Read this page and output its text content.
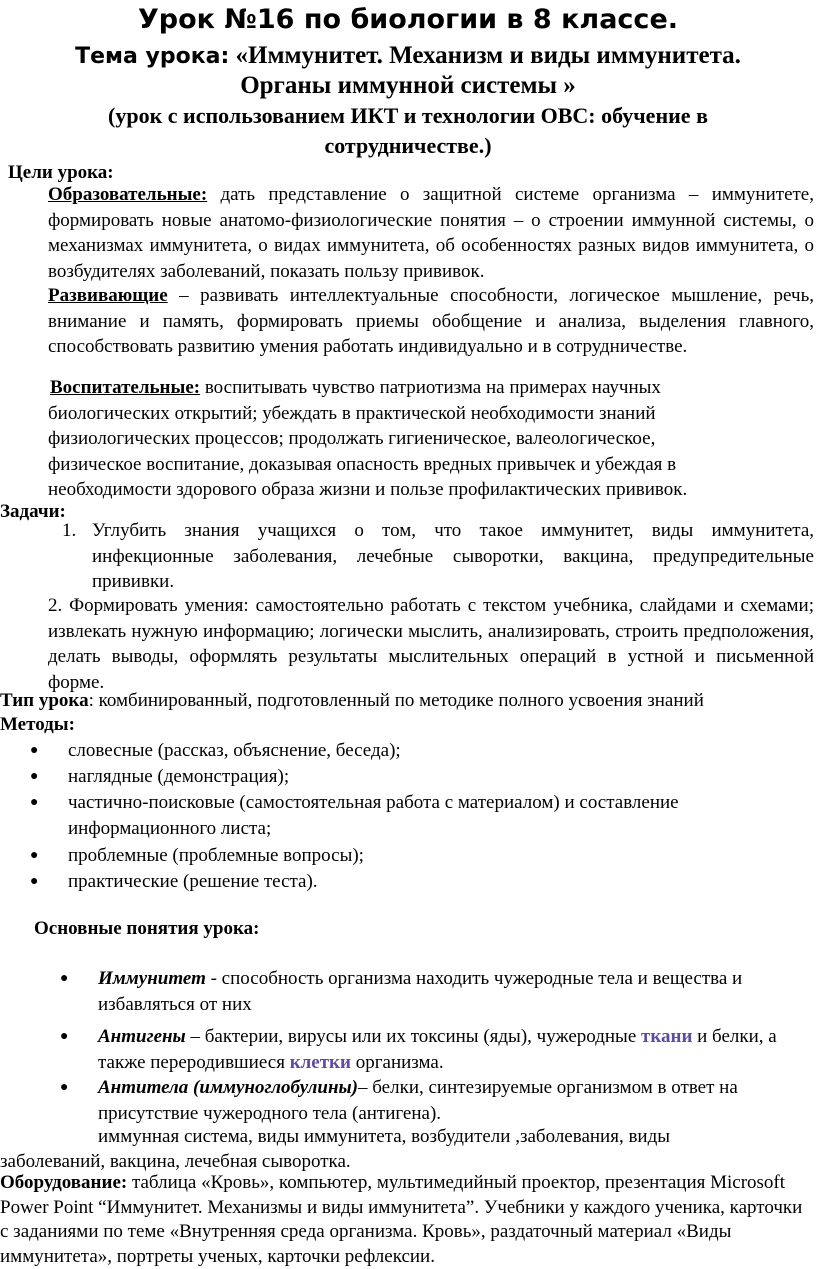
Урок №16 по биологии в 8 классе.
Тема урока: «Иммунитет. Механизм и виды иммунитета.
Органы иммунной системы »
(урок с использованием ИКТ и технологии ОВС: обучение в сотрудничестве.)
Цели урока:
Образовательные: дать представление о защитной системе организма – иммунитете, формировать новые анатомо-физиологические понятия – о строении иммунной системы, о механизмах иммунитета, о видах иммунитета, об особенностях разных видов иммунитета, о возбудителях заболеваний, показать пользу прививок.
Развивающие – развивать интеллектуальные способности, логическое мышление, речь, внимание и память, формировать приемы обобщение и анализа, выделения главного, способствовать развитию умения работать индивидуально и в сотрудничестве.
Воспитательные: воспитывать чувство патриотизма на примерах научных
биологических открытий; убеждать в практической необходимости знаний
физиологических процессов; продолжать гигиеническое, валеологическое,
физическое воспитание, доказывая опасность вредных привычек и убеждая в
необходимости здорового образа жизни и пользе профилактических прививок.
Задачи:
1. Углубить знания учащихся о том, что такое иммунитет, виды иммунитета, инфекционные заболевания, лечебные сыворотки, вакцина, предупредительные прививки.
2. Формировать умения: самостоятельно работать с текстом учебника, слайдами и схемами; извлекать нужную информацию; логически мыслить, анализировать, строить предположения, делать выводы, оформлять результаты мыслительных операций в устной и письменной форме.
Тип урока: комбинированный, подготовленный по методике полного усвоения знаний
Методы:
● словесные (рассказ, объяснение, беседа);
● наглядные (демонстрация);
● частично-поисковые (самостоятельная работа с материалом) и составление информационного листа;
● проблемные (проблемные вопросы);
● практические (решение теста).
Основные понятия урока:
● Иммунитет - способность организма находить чужеродные тела и вещества и избавляться от них
● Антигены – бактерии, вирусы или их токсины (яды), чужеродные ткани и белки, а также переродившиеся клетки организма.
● Антитела (иммуноглобулины)– белки, синтезируемые организмом в ответ на присутствие чужеродного тела (антигена).
иммунная система, виды иммунитета, возбудители ,заболевания, виды
заболеваний, вакцина, лечебная сыворотка.
Оборудование: таблица «Кровь», компьютер, мультимедийный проектор, презентация Microsoft Power Point “Иммунитет. Механизмы и виды иммунитета”. Учебники у каждого ученика, карточки с заданиями по теме «Внутренняя среда организма. Кровь», раздаточный материал «Виды иммунитета», портреты ученых, карточки рефлексии.
